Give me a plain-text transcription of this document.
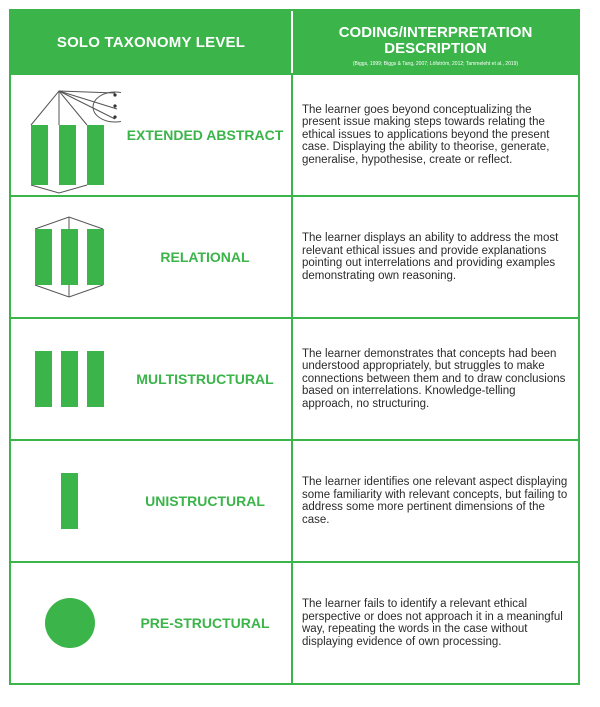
SOLO TAXONOMY LEVEL
CODING/INTERPRETATION
DESCRIPTION
(Biggs, 1999; Biggs & Tang, 2007; Löfström, 2012; Tammeleht et al., 2019)
EXTENDED ABSTRACT
The learner goes beyond conceptualizing the present issue making steps towards relating the ethical issues to applications beyond the present case. Displaying the ability to theorise, generate, generalise, hypothesise, create or reflect.
RELATIONAL
The learner displays an ability to address the most relevant ethical issues and provide explanations pointing out interrelations and providing examples demonstrating own reasoning.
MULTISTRUCTURAL
The learner demonstrates that concepts had been understood appropriately, but struggles to make connections between them and to draw conclusions based on interrelations. Knowledge-telling approach, no structuring.
UNISTRUCTURAL
The learner identifies one relevant aspect displaying some familiarity with relevant concepts, but failing to address some more pertinent dimensions of the case.
PRE-STRUCTURAL
The learner fails to identify a relevant ethical perspective or does not approach it in a meaningful way, repeating the words in the case without displaying evidence of own processing.
